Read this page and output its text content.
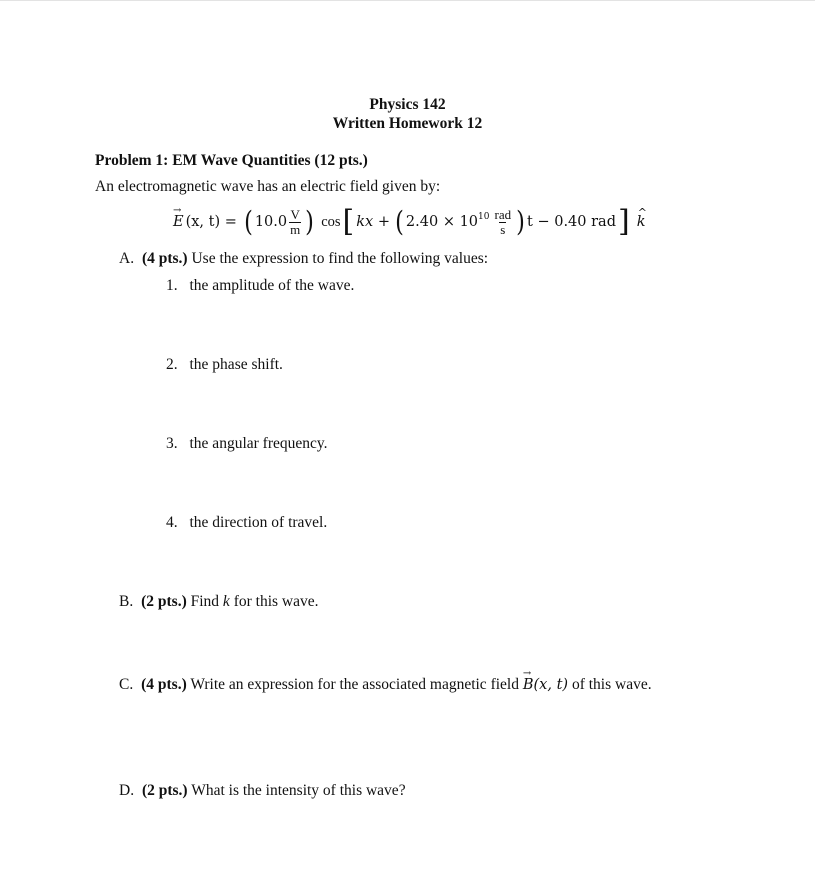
Physics 142
Written Homework 12
Problem 1: EM Wave Quantities (12 pts.)
An electromagnetic wave has an electric field given by:
→ E (x, t) = ( $10.0 \frac{V}{m}$ ) cos [ kx + ( $2.40 \times 10^{10} \frac{\text{rad}}{s}$ ) t − 0.40 rad ] ^ k
A. (4 pts.) Use the expression to find the following values:
1. the amplitude of the wave.
2. the phase shift.
3. the angular frequency.
4. the direction of travel.
B. (2 pts.) Find k for this wave.
C. (4 pts.) Write an expression for the associated magnetic field → B(x, t) of this wave.
D. (2 pts.) What is the intensity of this wave?
